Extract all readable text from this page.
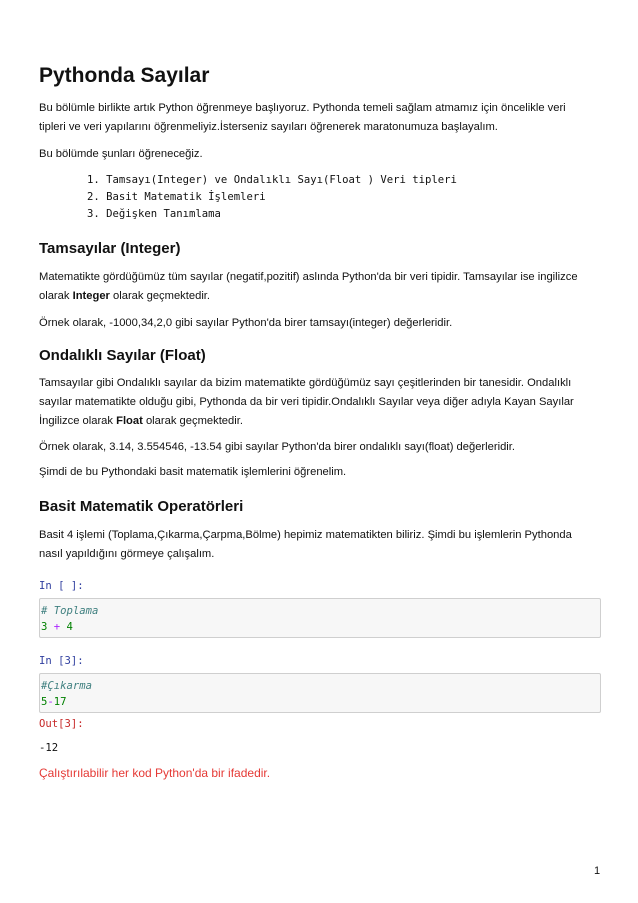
Pythonda Sayılar

Bu bölümle birlikte artık Python öğrenmeye başlıyoruz. Pythonda temeli sağlam atmamız için öncelikle veri

tipleri ve veri yapılarını öğrenmeliyiz.İsterseniz sayıları öğrenerek maratonumuza başlayalım.

Bu bölümde şunları öğreneceğiz.

1. Tamsayı(Integer) ve Ondalıklı Sayı(Float ) Veri tipleri
2. Basit Matematik İşlemleri
3. Değişken Tanımlama
Tamsayılar (Integer)

Matematikte gördüğümüz tüm sayılar (negatif,pozitif) aslında Python'da bir veri tipidir. Tamsayılar ise ingilizce

olarak Integer olarak geçmektedir.

Örnek olarak, -1000,34,2,0 gibi sayılar Python'da birer tamsayı(integer) değerleridir.

Ondalıklı Sayılar (Float)

Tamsayılar gibi Ondalıklı sayılar da bizim matematikte gördüğümüz sayı çeşitlerinden bir tanesidir. Ondalıklı

sayılar matematikte olduğu gibi, Pythonda da bir veri tipidir.Ondalıklı Sayılar veya diğer adıyla Kayan Sayılar

İngilizce olarak Float olarak geçmektedir.

Örnek olarak, 3.14, 3.554546, -13.54 gibi sayılar Python'da birer ondalıklı sayı(float) değerleridir.

Şimdi de bu Pythondaki basit matematik işlemlerini öğrenelim.

Basit Matematik Operatörleri

Basit 4 işlemi (Toplama,Çıkarma,Çarpma,Bölme) hepimiz matematikten biliriz. Şimdi bu işlemlerin Pythonda

nasıl yapıldığını görmeye çalışalım.

In [ ]:
# Toplama
3 + 4
In [3]:
#Çıkarma
5-17
Out[3]:
-12
Çalıştırılabilir her kod Python'da bir ifadedir.
1
